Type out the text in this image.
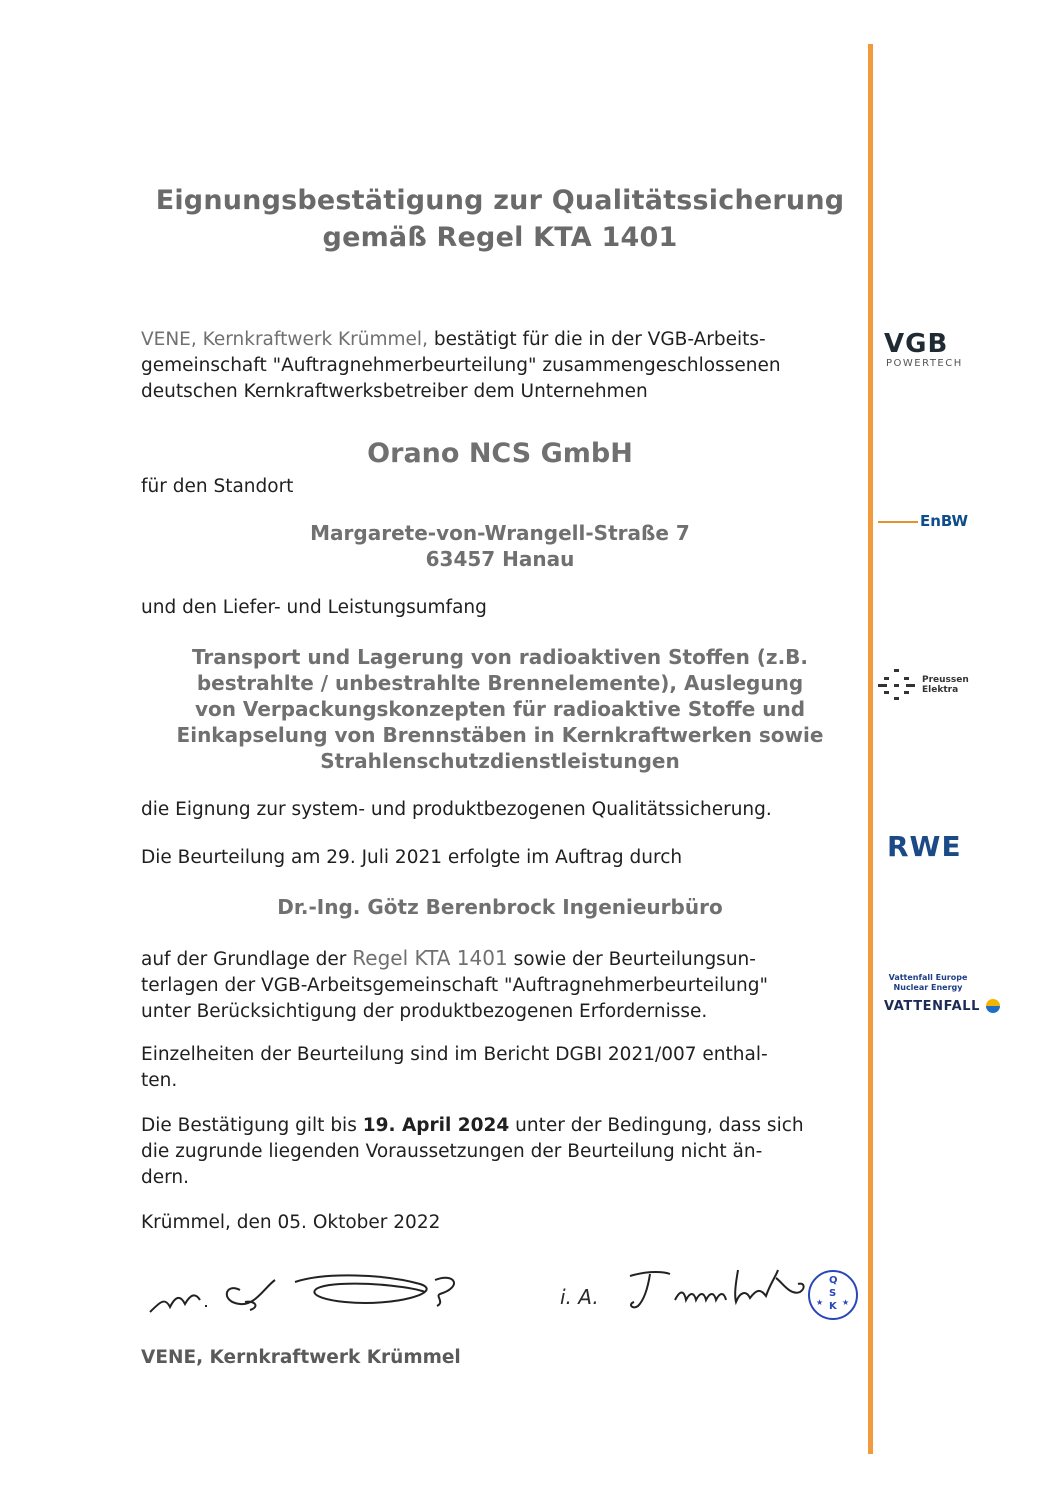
Eignungsbestätigung zur Qualitätssicherung
gemäß Regel KTA 1401
VENE, Kernkraftwerk Krümmel, bestätigt für die in der VGB-Arbeits-
gemeinschaft "Auftragnehmerbeurteilung" zusammengeschlossenen
deutschen Kernkraftwerksbetreiber dem Unternehmen
Orano NCS GmbH
für den Standort
Margarete-von-Wrangell-Straße 7
63457 Hanau
und den Liefer- und Leistungsumfang
Transport und Lagerung von radioaktiven Stoffen (z.B.
bestrahlte / unbestrahlte Brennelemente), Auslegung
von Verpackungskonzepten für radioaktive Stoffe und
Einkapselung von Brennstäben in Kernkraftwerken sowie
Strahlenschutzdienstleistungen
die Eignung zur system- und produktbezogenen Qualitätssicherung.
Die Beurteilung am 29. Juli 2021 erfolgte im Auftrag durch
Dr.-Ing. Götz Berenbrock Ingenieurbüro
auf der Grundlage der Regel KTA 1401 sowie der Beurteilungsun-
terlagen der VGB-Arbeitsgemeinschaft "Auftragnehmerbeurteilung"
unter Berücksichtigung der produktbezogenen Erfordernisse.
Einzelheiten der Beurteilung sind im Bericht DGBI 2021/007 enthal-
ten.
Die Bestätigung gilt bis 19. April 2024 unter der Bedingung, dass sich
die zugrunde liegenden Voraussetzungen der Beurteilung nicht än-
dern.
Krümmel, den 05. Oktober 2022
i. A.
Q
S
K
★ ★
VENE, Kernkraftwerk Krümmel
VGB
POWERTECH
EnBW
Preussen
Elektra
RWE
Vattenfall Europe
Nuclear Energy
VATTENFALL
